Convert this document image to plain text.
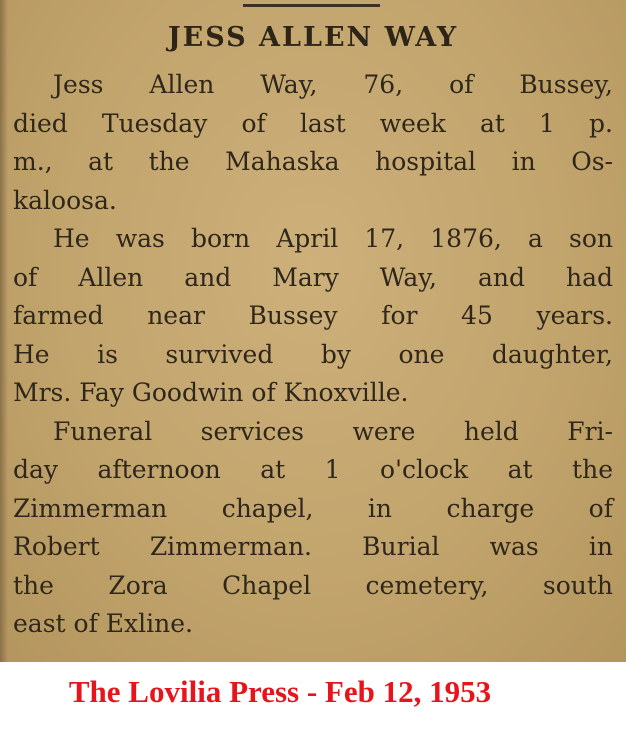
JESS ALLEN WAY
Jess Allen Way, 76, of Bussey,
died Tuesday of last week at 1 p.
m., at the Mahaska hospital in Os-
kaloosa.
He was born April 17, 1876, a son
of Allen and Mary Way, and had
farmed near Bussey for 45 years.
He is survived by one daughter,
Mrs. Fay Goodwin of Knoxville.
Funeral services were held Fri-
day afternoon at 1 o'clock at the
Zimmerman chapel, in charge of
Robert Zimmerman. Burial was in
the Zora Chapel cemetery, south
east of Exline.

The Lovilia Press - Feb 12, 1953
